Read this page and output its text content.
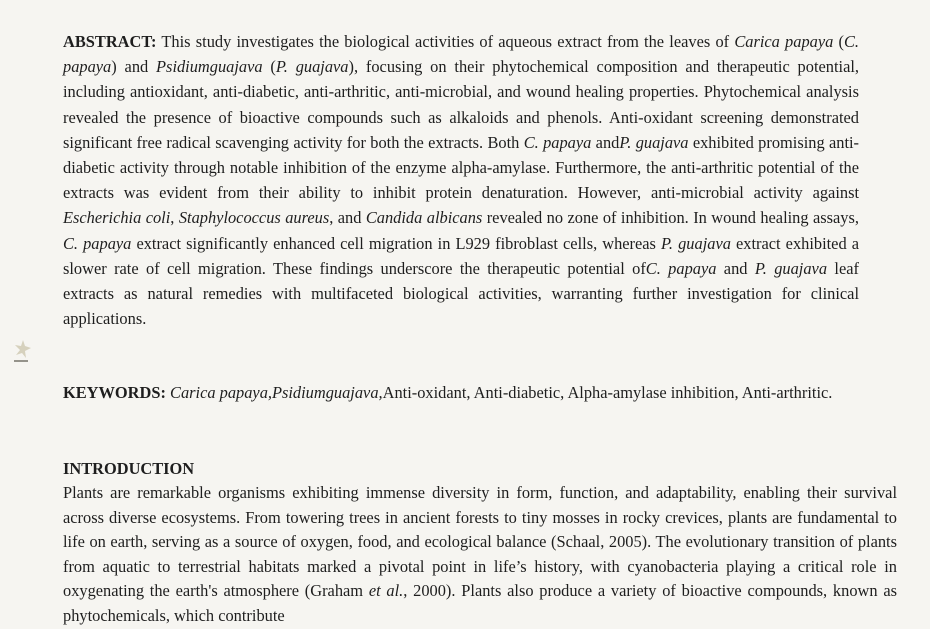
ABSTRACT: This study investigates the biological activities of aqueous extract from the leaves of Carica papaya (C. papaya) and Psidiumguajava (P. guajava), focusing on their phytochemical composition and therapeutic potential, including antioxidant, anti-diabetic, anti-arthritic, anti-microbial, and wound healing properties. Phytochemical analysis revealed the presence of bioactive compounds such as alkaloids and phenols. Anti-oxidant screening demonstrated significant free radical scavenging activity for both the extracts. Both C. papaya andP. guajava exhibited promising anti-diabetic activity through notable inhibition of the enzyme alpha-amylase. Furthermore, the anti-arthritic potential of the extracts was evident from their ability to inhibit protein denaturation. However, anti-microbial activity against Escherichia coli, Staphylococcus aureus, and Candida albicans revealed no zone of inhibition. In wound healing assays, C. papaya extract significantly enhanced cell migration in L929 fibroblast cells, whereas P. guajava extract exhibited a slower rate of cell migration. These findings underscore the therapeutic potential ofC. papaya and P. guajava leaf extracts as natural remedies with multifaceted biological activities, warranting further investigation for clinical applications.

KEYWORDS: Carica papaya,Psidiumguajava,Anti-oxidant, Anti-diabetic, Alpha-amylase inhibition, Anti-arthritic.

INTRODUCTION

Plants are remarkable organisms exhibiting immense diversity in form, function, and adaptability, enabling their survival across diverse ecosystems. From towering trees in ancient forests to tiny mosses in rocky crevices, plants are fundamental to life on earth, serving as a source of oxygen, food, and ecological balance (Schaal, 2005). The evolutionary transition of plants from aquatic to terrestrial habitats marked a pivotal point in life’s history, with cyanobacteria playing a critical role in oxygenating the earth's atmosphere (Graham et al., 2000). Plants also produce a variety of bioactive compounds, known as phytochemicals, which contribute
